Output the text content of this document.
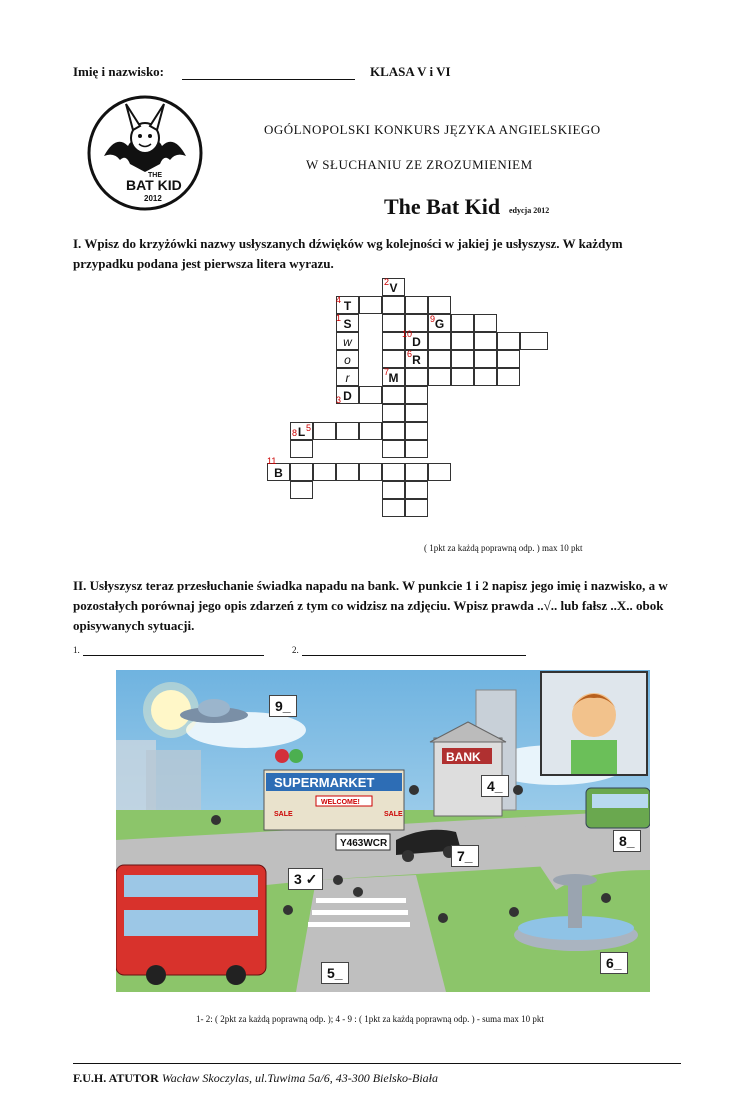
Imię i nazwisko:	KLASA V i VI
THE
BAT KID
2012
OGÓLNOPOLSKI KONKURS JĘZYKA ANGIELSKIEGO
W SŁUCHANIU ZE ZROZUMIENIEM
The Bat Kid edycja 2012
I. Wpisz do krzyżówki nazwy usłyszanych dźwięków wg kolejności w jakiej je usłyszysz. W każdym przypadku podana jest pierwsza litera wyrazu.
V
T
S	G
w	D
o	R
r	M
D
L
B
2
4
1
10
9
6
7
3
8 5
11
( 1pkt za każdą poprawną odp. ) max 10 pkt
II. Usłyszysz teraz przesłuchanie świadka napadu na bank. W punkcie 1 i 2 napisz jego imię i nazwisko, a w pozostałych porównaj jego opis zdarzeń z tym co widzisz na zdjęciu. Wpisz prawda ..√.. lub fałsz ..X.. obok opisywanych sytuacji.
1.	2.
SUPERMARKET
WELCOME!
SALE	SALE
BANK
Y463WCR
9_
4_
8_
7_
3 ✓
6_
5_
1- 2: ( 2pkt za każdą poprawną odp. ); 4 - 9 : ( 1pkt za każdą poprawną odp. ) - suma max 10 pkt
F.U.H. ATUTOR Wacław Skoczylas, ul.Tuwima 5a/6, 43-300 Bielsko-Biała
